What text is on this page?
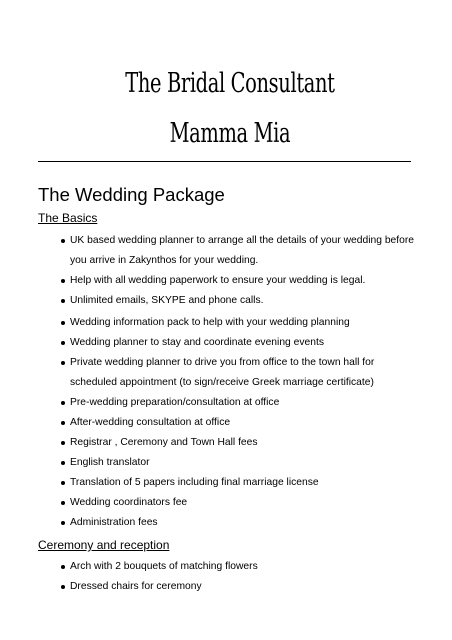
The Bridal Consultant
Mamma Mia
The Wedding Package
The Basics
UK based wedding planner to arrange all the details of your wedding before you arrive in Zakynthos for your wedding.
Help with all wedding paperwork to ensure your wedding is legal.
Unlimited emails, SKYPE and phone calls.
Wedding information pack to help with your wedding planning
Wedding planner to stay and coordinate evening events
Private wedding planner to drive you from office to the town hall for scheduled appointment (to sign/receive Greek marriage certificate)
Pre-wedding preparation/consultation at office
After-wedding consultation at office
Registrar , Ceremony and Town Hall fees
English translator
Translation of 5 papers including final marriage license
Wedding coordinators fee
Administration fees
Ceremony and reception
Arch with 2 bouquets of matching flowers
Dressed chairs for ceremony
